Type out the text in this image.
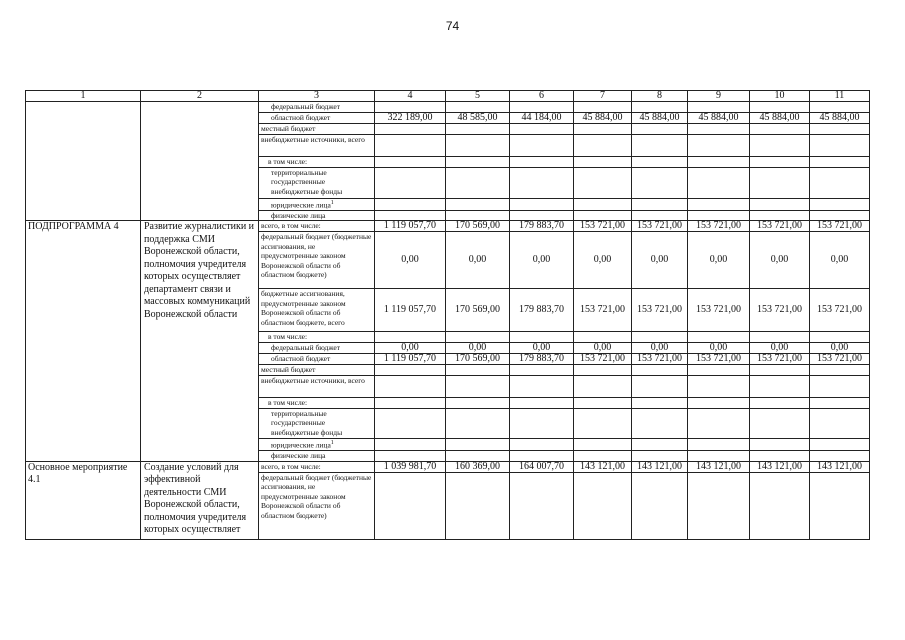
74
1	2	3	4	5	6	7	8	9	10	11
		федеральный бюджет								
		областной бюджет	322 189,00	48 585,00	44 184,00	45 884,00	45 884,00	45 884,00	45 884,00	45 884,00
		местный бюджет								
		внебюджетные источники, всего								
		в том числе:								
		территориальные государственные внебюджетные фонды								
		юридические лица$^1$								
		физические лица								
ПОДПРОГРАММА 4	Развитие журналистики и поддержка СМИ Воронежской области, полномочия учредителя которых осуществляет департамент связи и массовых коммуникаций Воронежской области	всего, в том числе:	1 119 057,70	170 569,00	179 883,70	153 721,00	153 721,00	153 721,00	153 721,00	153 721,00
		федеральный бюджет (бюджетные ассигнования, не предусмотренные законом Воронежской области об областном бюджете)	0,00	0,00	0,00	0,00	0,00	0,00	0,00	0,00
		бюджетные ассигнования, предусмотренные законом Воронежской области об областном бюджете, всего	1 119 057,70	170 569,00	179 883,70	153 721,00	153 721,00	153 721,00	153 721,00	153 721,00
		в том числе:								
		федеральный бюджет	0,00	0,00	0,00	0,00	0,00	0,00	0,00	0,00
		областной бюджет	1 119 057,70	170 569,00	179 883,70	153 721,00	153 721,00	153 721,00	153 721,00	153 721,00
		местный бюджет								
		внебюджетные источники, всего								
		в том числе:								
		территориальные государственные внебюджетные фонды								
		юридические лица$^1$								
		физические лица								
Основное мероприятие 4.1	Создание условий для эффективной деятельности СМИ Воронежской области, полномочия учредителя которых осуществляет	всего, в том числе:	1 039 981,70	160 369,00	164 007,70	143 121,00	143 121,00	143 121,00	143 121,00	143 121,00
		федеральный бюджет (бюджетные ассигнования, не предусмотренные законом Воронежской области об областном бюджете)								
